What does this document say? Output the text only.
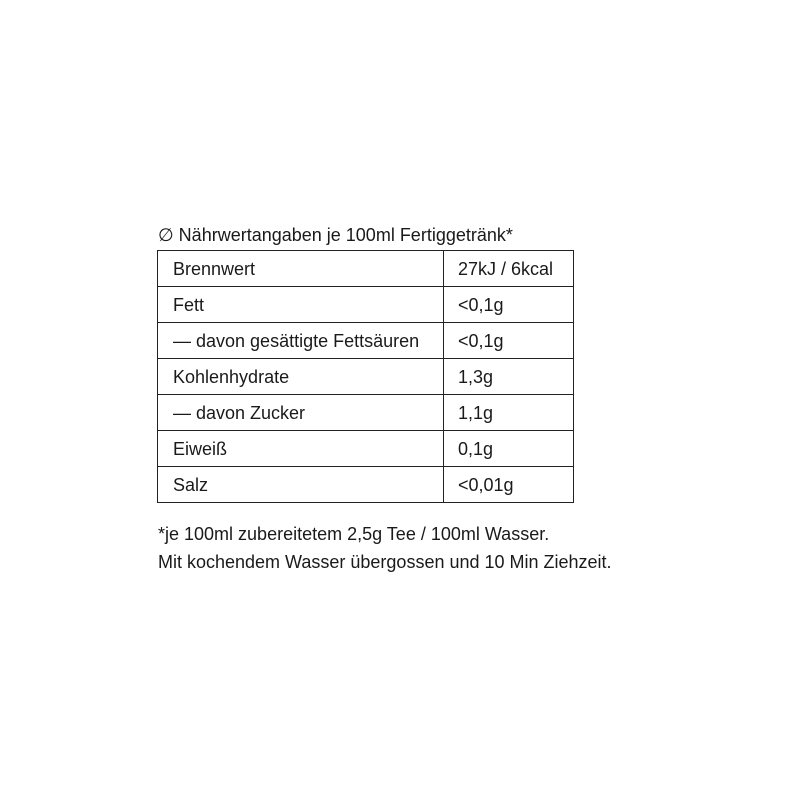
∅ Nährwertangaben je 100ml Fertiggetränk*
Brennwert	27kJ / 6kcal
Fett	<0,1g
— davon gesättigte Fettsäuren	<0,1g
Kohlenhydrate	1,3g
— davon Zucker	1,1g
Eiweiß	0,1g
Salz	<0,01g
*je 100ml zubereitetem 2,5g Tee / 100ml Wasser.
Mit kochendem Wasser übergossen und 10 Min Ziehzeit.
